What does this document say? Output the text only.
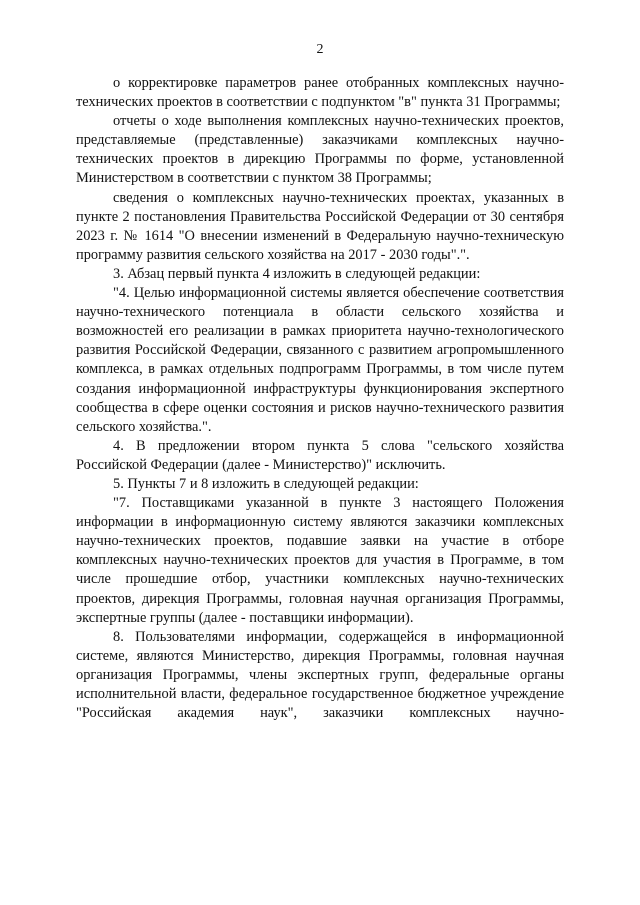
2

о корректировке параметров ранее отобранных комплексных научно-технических проектов в соответствии с подпунктом "в" пункта 31 Программы;

отчеты о ходе выполнения комплексных научно-технических проектов, представляемые (представленные) заказчиками комплексных научно-технических проектов в дирекцию Программы по форме, установленной Министерством в соответствии с пунктом 38 Программы;

сведения о комплексных научно-технических проектах, указанных в пункте 2 постановления Правительства Российской Федерации от 30 сентября 2023 г. № 1614 "О внесении изменений в Федеральную научно-техническую программу развития сельского хозяйства на 2017 - 2030 годы".".

3. Абзац первый пункта 4 изложить в следующей редакции:

"4. Целью информационной системы является обеспечение соответствия научно-технического потенциала в области сельского хозяйства и возможностей его реализации в рамках приоритета научно-технологического развития Российской Федерации, связанного с развитием агропромышленного комплекса, в рамках отдельных подпрограмм Программы, в том числе путем создания информационной инфраструктуры функционирования экспертного сообщества в сфере оценки состояния и рисков научно-технического развития сельского хозяйства.".

4. В предложении втором пункта 5 слова "сельского хозяйства Российской Федерации (далее - Министерство)" исключить.

5. Пункты 7 и 8 изложить в следующей редакции:

"7. Поставщиками указанной в пункте 3 настоящего Положения информации в информационную систему являются заказчики комплексных научно-технических проектов, подавшие заявки на участие в отборе комплексных научно-технических проектов для участия в Программе, в том числе прошедшие отбор, участники комплексных научно-технических проектов, дирекция Программы, головная научная организация Программы, экспертные группы (далее - поставщики информации).

8. Пользователями информации, содержащейся в информационной системе, являются Министерство, дирекция Программы, головная научная организация Программы, члены экспертных групп, федеральные органы исполнительной власти, федеральное государственное бюджетное учреждение "Российская академия наук", заказчики комплексных научно-
